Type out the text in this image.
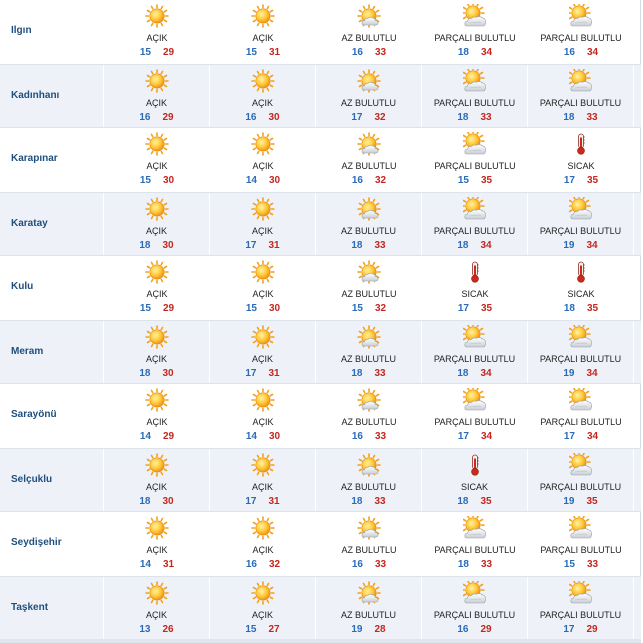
Ilgın
AÇIK
15 29
AÇIK
15 31
AZ BULUTLU
16 33
PARÇALI BULUTLU
18 34
PARÇALI BULUTLU
16 34
Kadınhanı
AÇIK
16 29
AÇIK
16 30
AZ BULUTLU
17 32
PARÇALI BULUTLU
18 33
PARÇALI BULUTLU
18 33
Karapınar
AÇIK
15 30
AÇIK
14 30
AZ BULUTLU
16 32
PARÇALI BULUTLU
15 35
SICAK
17 35
Karatay
AÇIK
18 30
AÇIK
17 31
AZ BULUTLU
18 33
PARÇALI BULUTLU
18 34
PARÇALI BULUTLU
19 34
Kulu
AÇIK
15 29
AÇIK
15 30
AZ BULUTLU
15 32
SICAK
17 35
SICAK
18 35
Meram
AÇIK
18 30
AÇIK
17 31
AZ BULUTLU
18 33
PARÇALI BULUTLU
18 34
PARÇALI BULUTLU
19 34
Sarayönü
AÇIK
14 29
AÇIK
14 30
AZ BULUTLU
16 33
PARÇALI BULUTLU
17 34
PARÇALI BULUTLU
17 34
Selçuklu
AÇIK
18 30
AÇIK
17 31
AZ BULUTLU
18 33
SICAK
18 35
PARÇALI BULUTLU
19 35
Seydişehir
AÇIK
14 31
AÇIK
16 32
AZ BULUTLU
16 33
PARÇALI BULUTLU
18 33
PARÇALI BULUTLU
15 33
Taşkent
AÇIK
13 26
AÇIK
15 27
AZ BULUTLU
19 28
PARÇALI BULUTLU
16 29
PARÇALI BULUTLU
17 29
